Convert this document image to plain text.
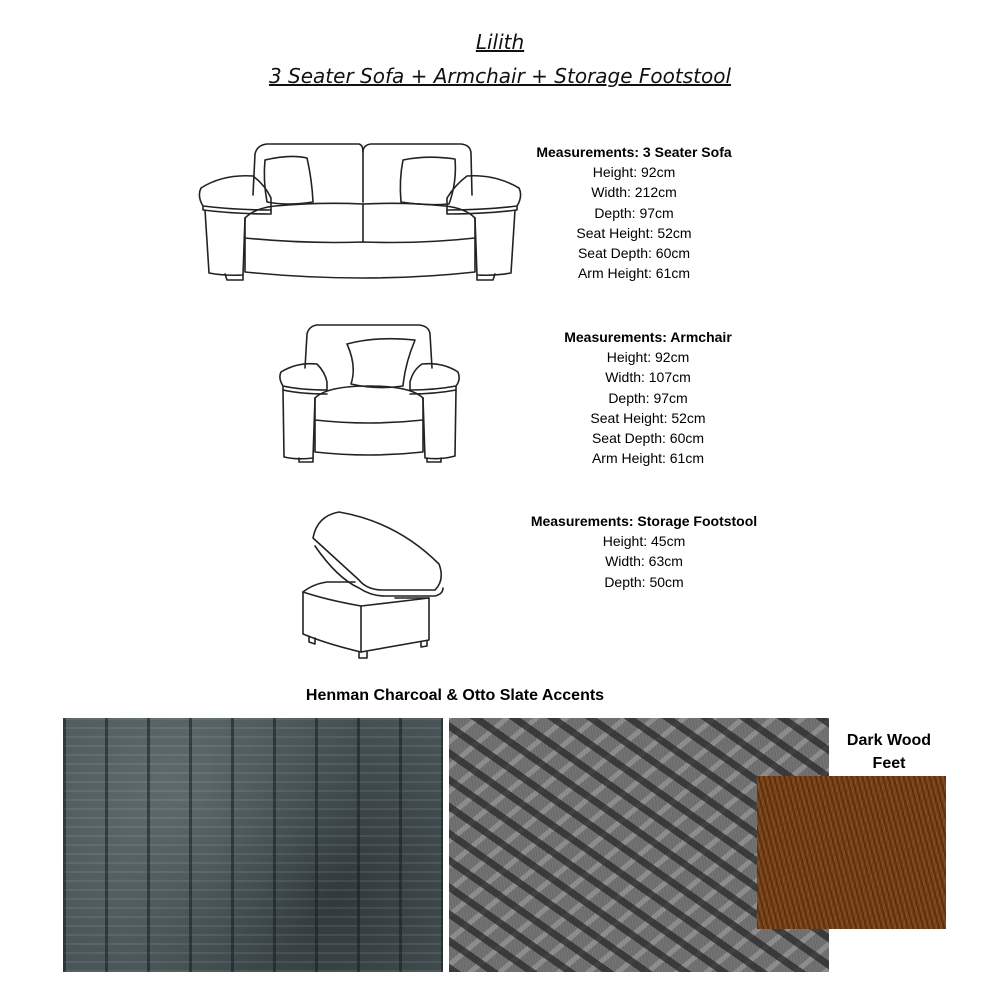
Lilith
3 Seater Sofa + Armchair + Storage Footstool
Measurements: 3 Seater Sofa
Height: 92cm
Width: 212cm
Depth: 97cm
Seat Height: 52cm
Seat Depth: 60cm
Arm Height: 61cm
Measurements: Armchair
Height: 92cm
Width: 107cm
Depth: 97cm
Seat Height: 52cm
Seat Depth: 60cm
Arm Height: 61cm
Measurements: Storage Footstool
Height: 45cm
Width: 63cm
Depth: 50cm
Henman Charcoal & Otto Slate Accents
Dark Wood Feet
